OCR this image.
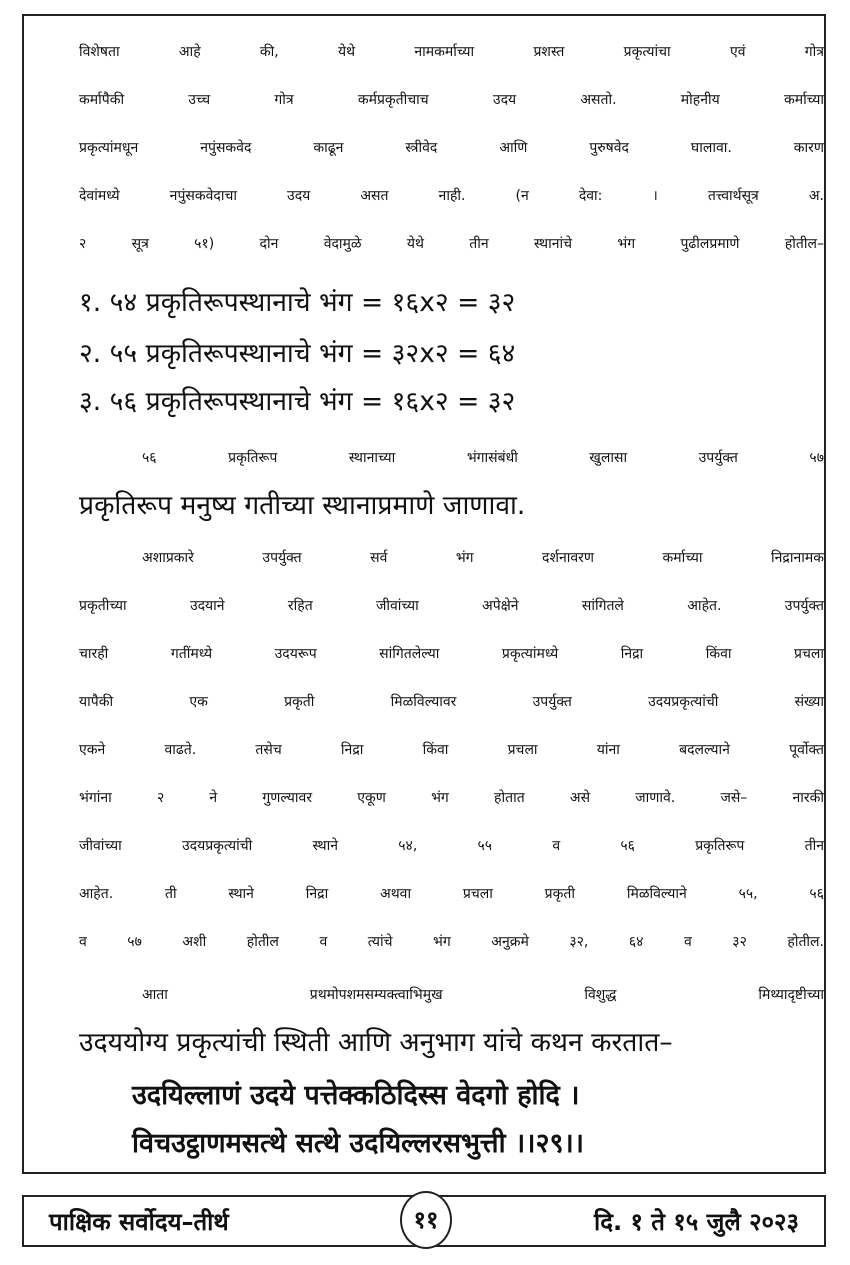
विशेषता आहे की, येथे नामकर्माच्या प्रशस्त प्रकृत्यांचा एवं गोत्र

कर्मापैकी उच्च गोत्र कर्मप्रकृतीचाच उदय असतो. मोहनीय कर्माच्या

प्रकृत्यांमधून नपुंसकवेद काढून स्त्रीवेद आणि पुरुषवेद घालावा. कारण

देवांमध्ये नपुंसकवेदाचा उदय असत नाही. (न देवा: । तत्त्वार्थसूत्र अ.

२ सूत्र ५१) दोन वेदामुळे येथे तीन स्थानांचे भंग पुढीलप्रमाणे होतील–

१. ५४ प्रकृतिरूपस्थानाचे भंग = १६x२ = ३२

२. ५५ प्रकृतिरूपस्थानाचे भंग = ३२x२ = ६४

३. ५६ प्रकृतिरूपस्थानाचे भंग = १६x२ = ३२

५६ प्रकृतिरूप स्थानाच्या भंगासंबंधी खुलासा उपर्युक्त ५७

प्रकृतिरूप मनुष्य गतीच्या स्थानाप्रमाणे जाणावा.

अशाप्रकारे उपर्युक्त सर्व भंग दर्शनावरण कर्माच्या निद्रानामक

प्रकृतीच्या उदयाने रहित जीवांच्या अपेक्षेने सांगितले आहेत. उपर्युक्त

चारही गतींमध्ये उदयरूप सांगितलेल्या प्रकृत्यांमध्ये निद्रा किंवा प्रचला

यापैकी एक प्रकृती मिळविल्यावर उपर्युक्त उदयप्रकृत्यांची संख्या

एकने वाढते. तसेच निद्रा किंवा प्रचला यांना बदलल्याने पूर्वोक्त

भंगांना २ ने गुणल्यावर एकूण भंग होतात असे जाणावे. जसे– नारकी

जीवांच्या उदयप्रकृत्यांची स्थाने ५४, ५५ व ५६ प्रकृतिरूप तीन

आहेत. ती स्थाने निद्रा अथवा प्रचला प्रकृती मिळविल्याने ५५, ५६

व ५७ अशी होतील व त्यांचे भंग अनुक्रमे ३२, ६४ व ३२ होतील.

आता प्रथमोपशमसम्यक्त्वाभिमुख विशुद्ध मिथ्यादृष्टीच्या

उदययोग्य प्रकृत्यांची स्थिती आणि अनुभाग यांचे कथन करतात–

उदयिल्लाणं उदये पत्तेक्कठिदिस्स वेदगो होदि ।

विचउट्ठाणमसत्थे सत्थे उदयिल्लरसभुत्ती ।।२९।।

पाक्षिक सर्वोदय–तीर्थ	११	दि. १ ते १५ जुलै २०२३
